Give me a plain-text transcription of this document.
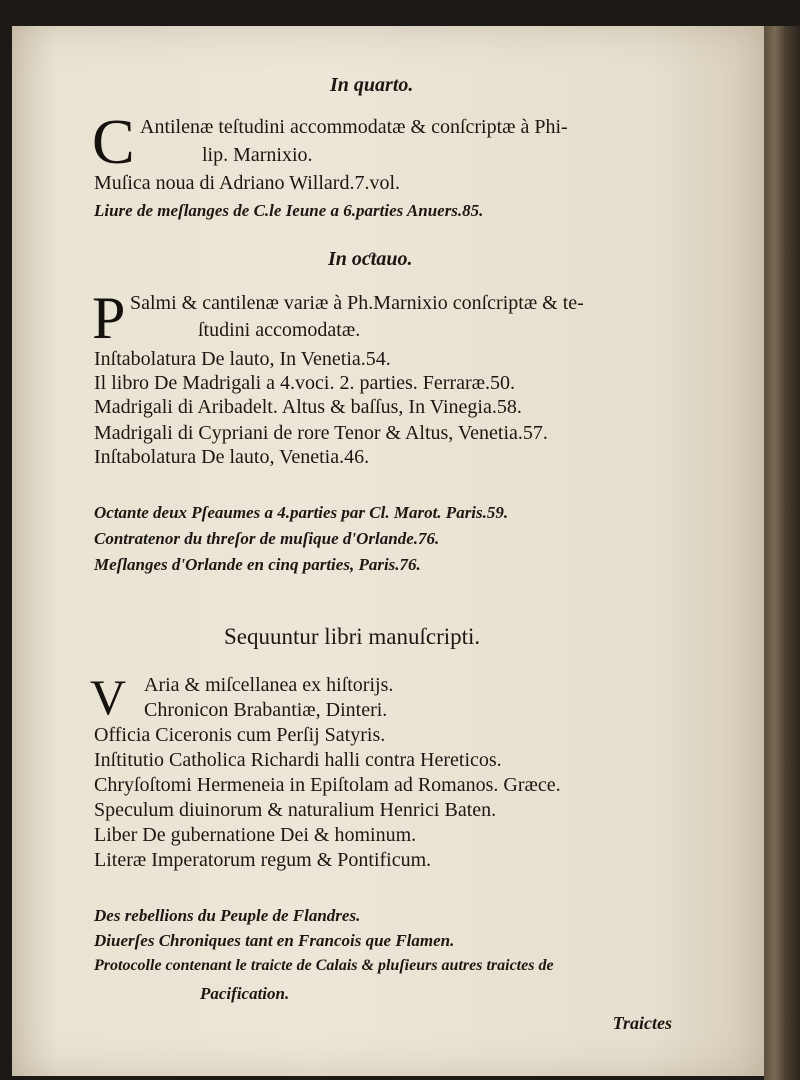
In quarto.
C Antilenæ teſtudini accommodatæ & conſcriptæ à Phi-
lip. Marnixio.
Muſica noua di Adriano Willard.7.vol.
Liure de meſlanges de C.le Ieune a 6.parties Anuers.85.
In oƈtauo.
P Salmi & cantilenæ variæ à Ph.Marnixio conſcriptæ & te-
ſtudini accomodatæ.
Inſtabolatura De lauto, In Venetia.54.
Il libro De Madrigali a 4.voci. 2. parties. Ferraræ.50.
Madrigali di Aribadelt. Altus & baſſus, In Vinegia.58.
Madrigali di Cypriani de rore Tenor & Altus, Venetia.57.
Inſtabolatura De lauto, Venetia.46.
Octante deux Pſeaumes a 4.parties par Cl. Marot. Paris.59.
Contratenor du threſor de muſique d'Orlande.76.
Meſlanges d'Orlande en cinq parties, Paris.76.
Sequuntur libri manuſcripti.
V Aria & miſcellanea ex hiſtorijs.
Chronicon Brabantiæ, Dinteri.
Officia Ciceronis cum Perſij Satyris.
Inſtitutio Catholica Richardi halli contra Hereticos.
Chryſoſtomi Hermeneia in Epiſtolam ad Romanos. Græce.
Speculum diuinorum & naturalium Henrici Baten.
Liber De gubernatione Dei & hominum.
Literæ Imperatorum regum & Pontificum.
Des rebellions du Peuple de Flandres.
Diuerſes Chroniques tant en Francois que Flamen.
Protocolle contenant le traicte de Calais & pluſieurs autres traictes de
Pacification.
Traictes
